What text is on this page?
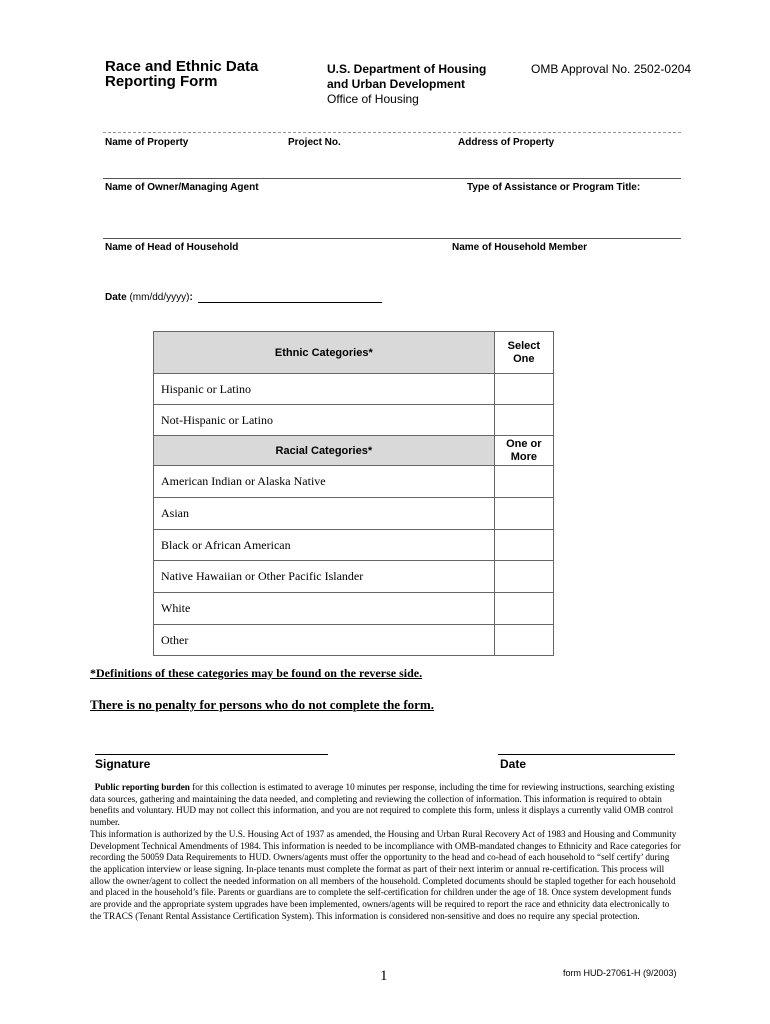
Race and Ethnic Data
Reporting Form
U.S. Department of Housing
and Urban Development
Office of Housing
OMB Approval No. 2502-0204
Name of Property	Project No.	Address of Property
Name of Owner/Managing Agent	Type of Assistance or Program Title:
Name of Head of Household	Name of Household Member
Date (mm/dd/yyyy):
Ethnic Categories*	Select
One

Hispanic or Latino	
Not-Hispanic or Latino	
Racial Categories*	One or
More

American Indian or Alaska Native	
Asian	
Black or African American	
Native Hawaiian or Other Pacific Islander	
White	
Other	
*Definitions of these categories may be found on the reverse side.
There is no penalty for persons who do not complete the form.
Signature	Date

Public reporting burden for this collection is estimated to average 10 minutes per response, including the time for reviewing instructions, searching existing data sources, gathering and maintaining the data needed, and completing and reviewing the collection of information. This information is required to obtain benefits and voluntary. HUD may not collect this information, and you are not required to complete this form, unless it displays a currently valid OMB control number.

This information is authorized by the U.S. Housing Act of 1937 as amended, the Housing and Urban Rural Recovery Act of 1983 and Housing and Community Development Technical Amendments of 1984. This information is needed to be incompliance with OMB-mandated changes to Ethnicity and Race categories for recording the 50059 Data Requirements to HUD. Owners/agents must offer the opportunity to the head and co-head of each household to “self certify’ during the application interview or lease signing. In-place tenants must complete the format as part of their next interim or annual re-certification. This process will allow the owner/agent to collect the needed information on all members of the household. Completed documents should be stapled together for each household and placed in the household’s file. Parents or guardians are to complete the self-certification for children under the age of 18. Once system development funds are provide and the appropriate system upgrades have been implemented, owners/agents will be required to report the race and ethnicity data electronically to the TRACS (Tenant Rental Assistance Certification System). This information is considered non-sensitive and does no require any special protection.

1	form HUD-27061-H (9/2003)
